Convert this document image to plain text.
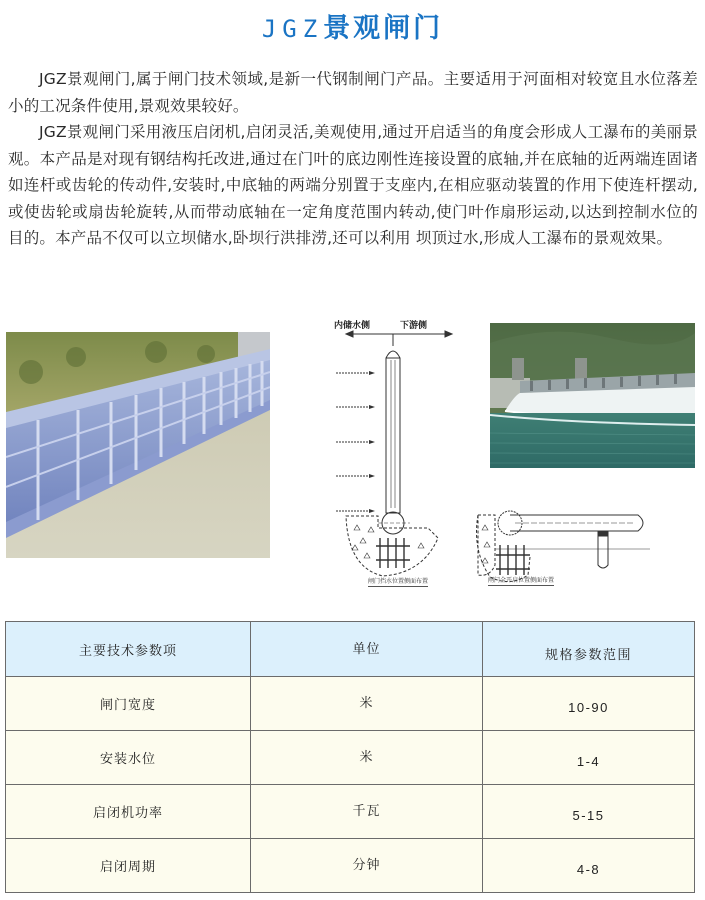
JGZ景观闸门

JGZ景观闸门,属于闸门技术领域,是新一代钢制闸门产品。主要适用于河面相对较宽且水位落差小的工况条件使用,景观效果较好。

JGZ景观闸门采用液压启闭机,启闭灵活,美观使用,通过开启适当的角度会形成人工瀑布的美丽景观。本产品是对现有钢结构托改进,通过在门叶的底边刚性连接设置的底轴,并在底轴的近两端连固诸如连杆或齿轮的传动件,安装时,中底轴的两端分别置于支座内,在相应驱动装置的作用下使连杆摆动,或使齿轮或扇齿轮旋转,从而带动底轴在一定角度范围内转动,使门叶作扇形运动,以达到控制水位的目的。本产品不仅可以立坝储水,卧坝行洪排涝,还可以利用 坝顶过水,形成人工瀑布的景观效果。

内储水侧	下游侧
闸门挡水位置侧面布置	闸门全开启位置侧面布置
主要技术参数项	单位	规格参数范围
闸门宽度	米	10-90
安装水位	米	1-4
启闭机功率	千瓦	5-15
启闭周期	分钟	4-8
